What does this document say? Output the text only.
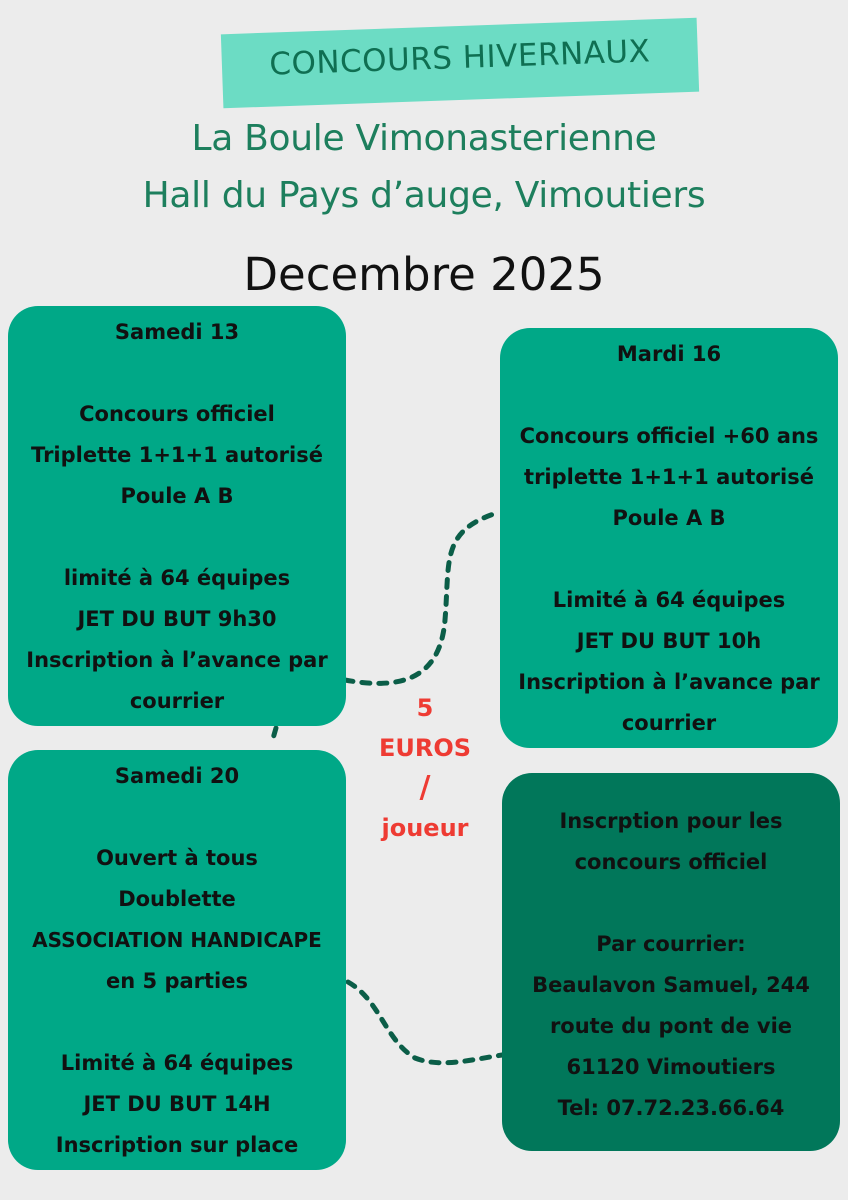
CONCOURS HIVERNAUX
La Boule Vimonasterienne
Hall du Pays d’auge, Vimoutiers
Decembre 2025
Samedi 13
Concours officiel
Triplette 1+1+1 autorisé
Poule A B
limité à 64 équipes
JET DU BUT 9h30
Inscription à l’avance par
courrier
Mardi 16
Concours officiel +60 ans
triplette 1+1+1 autorisé
Poule A B
Limité à 64 équipes
JET DU BUT 10h
Inscription à l’avance par
courrier
Samedi 20
Ouvert à tous
Doublette
ASSOCIATION HANDICAPE
en 5 parties
Limité à 64 équipes
JET DU BUT 14H
Inscription sur place
Inscrption pour les
concours officiel
Par courrier:
Beaulavon Samuel, 244
route du pont de vie
61120 Vimoutiers
Tel: 07.72.23.66.64
5
EUROS
/
joueur
